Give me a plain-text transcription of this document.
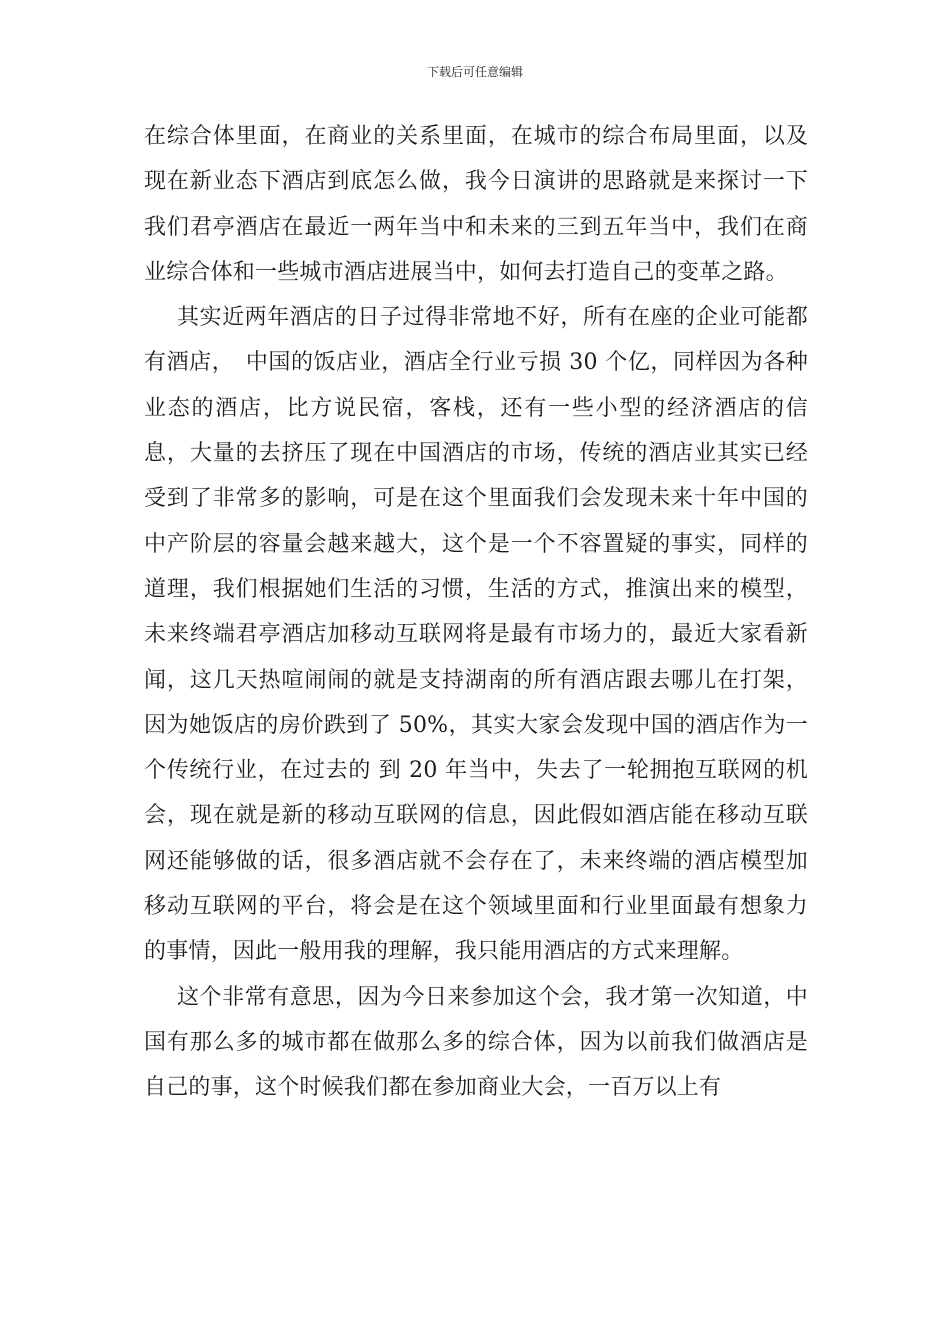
下载后可任意编辑

在综合体里面，在商业的关系里面，在城市的综合布局里面，以及现在新业态下酒店到底怎么做，我今日演讲的思路就是来探讨一下我们君亭酒店在最近一两年当中和未来的三到五年当中，我们在商业综合体和一些城市酒店进展当中，如何去打造自己的变革之路。

其实近两年酒店的日子过得非常地不好，所有在座的企业可能都有酒店，　中国的饭店业，酒店全行业亏损 30 个亿，同样因为各种业态的酒店，比方说民宿，客栈，还有一些小型的经济酒店的信息，大量的去挤压了现在中国酒店的市场，传统的酒店业其实已经受到了非常多的影响，可是在这个里面我们会发现未来十年中国的中产阶层的容量会越来越大，这个是一个不容置疑的事实，同样的道理，我们根据她们生活的习惯，生活的方式，推演出来的模型，未来终端君亭酒店加移动互联网将是最有市场力的，最近大家看新闻，这几天热喧闹闹的就是支持湖南的所有酒店跟去哪儿在打架，因为她饭店的房价跌到了 50%，其实大家会发现中国的酒店作为一个传统行业，在过去的 到 20 年当中，失去了一轮拥抱互联网的机会，现在就是新的移动互联网的信息，因此假如酒店能在移动互联网还能够做的话，很多酒店就不会存在了，未来终端的酒店模型加移动互联网的平台，将会是在这个领域里面和行业里面最有想象力的事情，因此一般用我的理解，我只能用酒店的方式来理解。

这个非常有意思，因为今日来参加这个会，我才第一次知道，中国有那么多的城市都在做那么多的综合体，因为以前我们做酒店是自己的事，这个时候我们都在参加商业大会，一百万以上有
